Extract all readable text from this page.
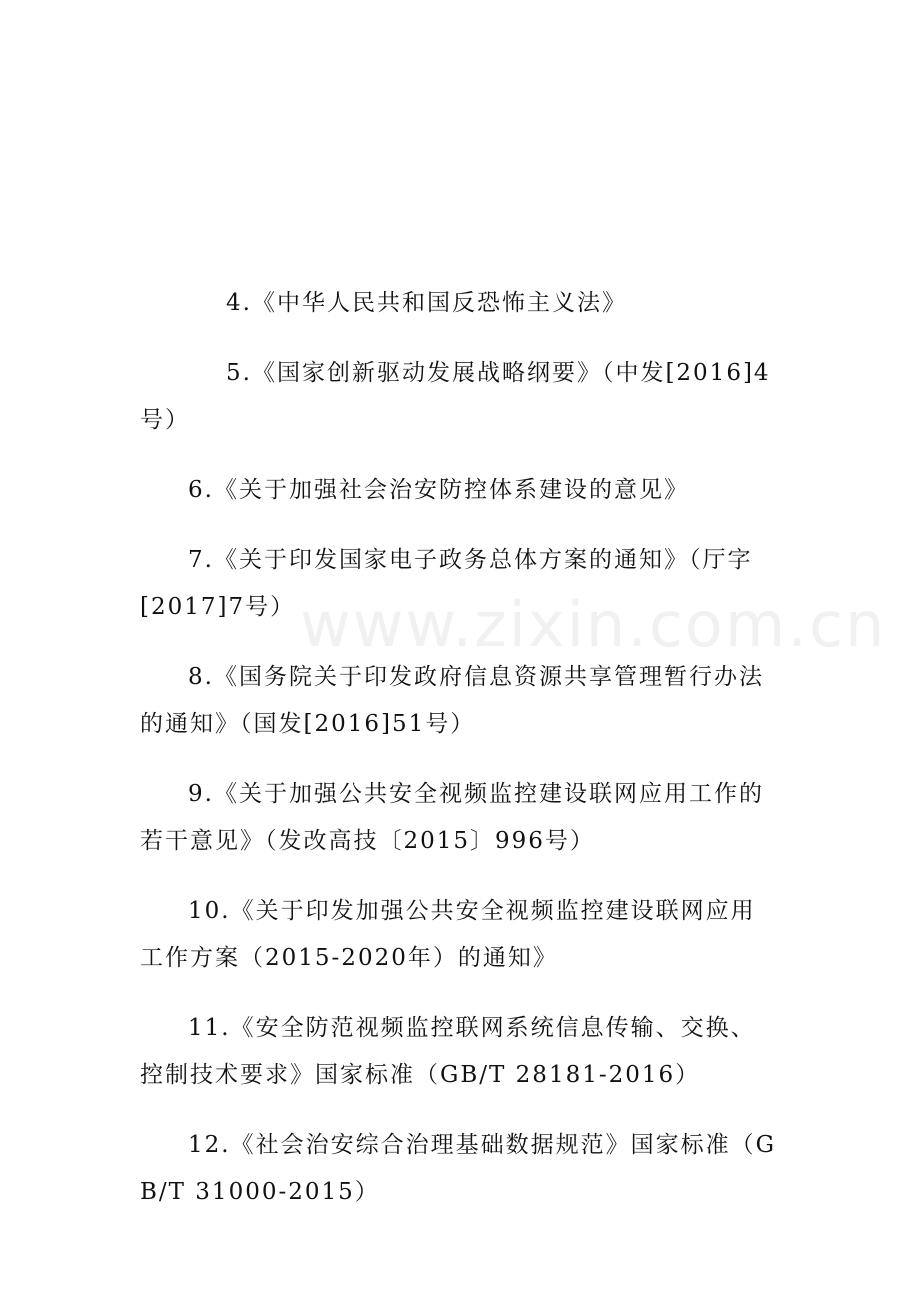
www.zixin.com.cn

4.《中华人民共和国反恐怖主义法》

5.《国家创新驱动发展战略纲要》（中发[2016]4号）

6.《关于加强社会治安防控体系建设的意见》

7.《关于印发国家电子政务总体方案的通知》（厅字[2017]7号）

8.《国务院关于印发政府信息资源共享管理暂行办法的通知》（国发[2016]51号）

9.《关于加强公共安全视频监控建设联网应用工作的若干意见》（发改高技〔2015〕996号）

10.《关于印发加强公共安全视频监控建设联网应用工作方案（2015-2020年）的通知》

11.《安全防范视频监控联网系统信息传输、交换、控制技术要求》国家标准（GB/T 28181-2016）

12.《社会治安综合治理基础数据规范》国家标准（GB/T 31000-2015）
